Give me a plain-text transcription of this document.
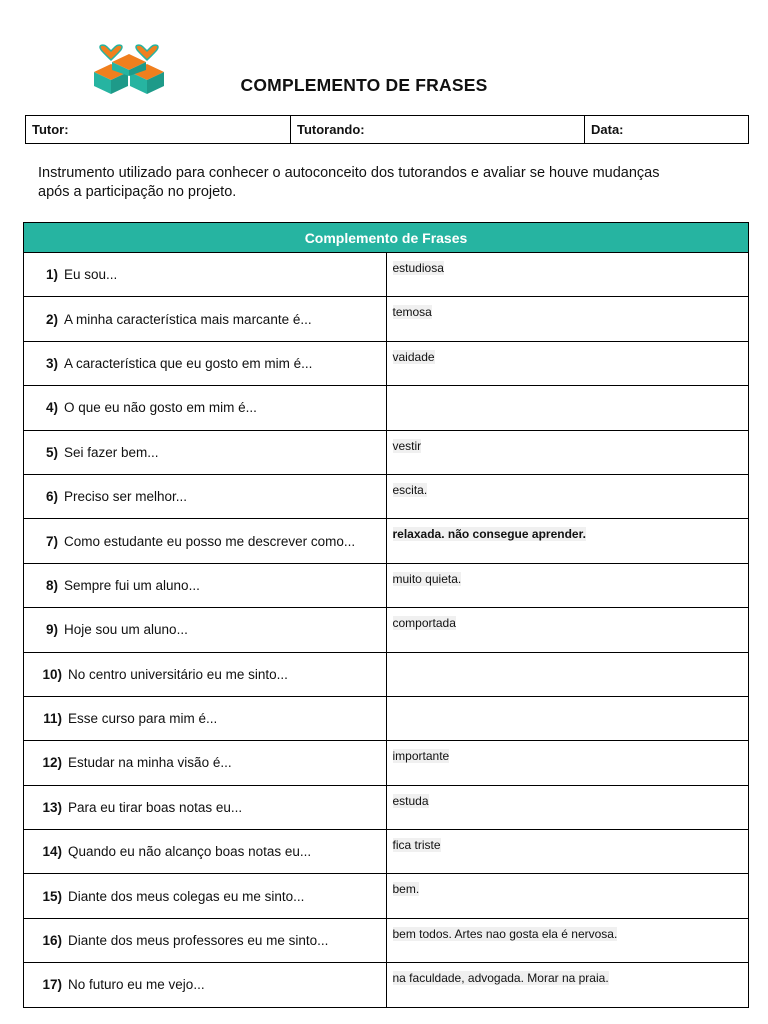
COMPLEMENTO DE FRASES
Tutor:	Tutorando:	Data:
Instrumento utilizado para conhecer o autoconceito dos tutorandos e avaliar se houve mudanças após a participação no projeto.
Complemento de Frases	
1) Eu sou...	estudiosa
2) A minha característica mais marcante é...	temosa
3) A característica que eu gosto em mim é...	vaidade
4) O que eu não gosto em mim é...	
5) Sei fazer bem...	vestir
6) Preciso ser melhor...	escita.
7) Como estudante eu posso me descrever como...	relaxada. não consegue aprender.
8) Sempre fui um aluno...	muito quieta.
9) Hoje sou um aluno...	comportada
10) No centro universitário eu me sinto...	
11) Esse curso para mim é...	
12) Estudar na minha visão é...	importante
13) Para eu tirar boas notas eu...	estuda
14) Quando eu não alcanço boas notas eu...	fica triste
15) Diante dos meus colegas eu me sinto...	bem.
16) Diante dos meus professores eu me sinto...	bem todos. Artes nao gosta ela é nervosa.
17) No futuro eu me vejo...	na faculdade, advogada. Morar na praia.
